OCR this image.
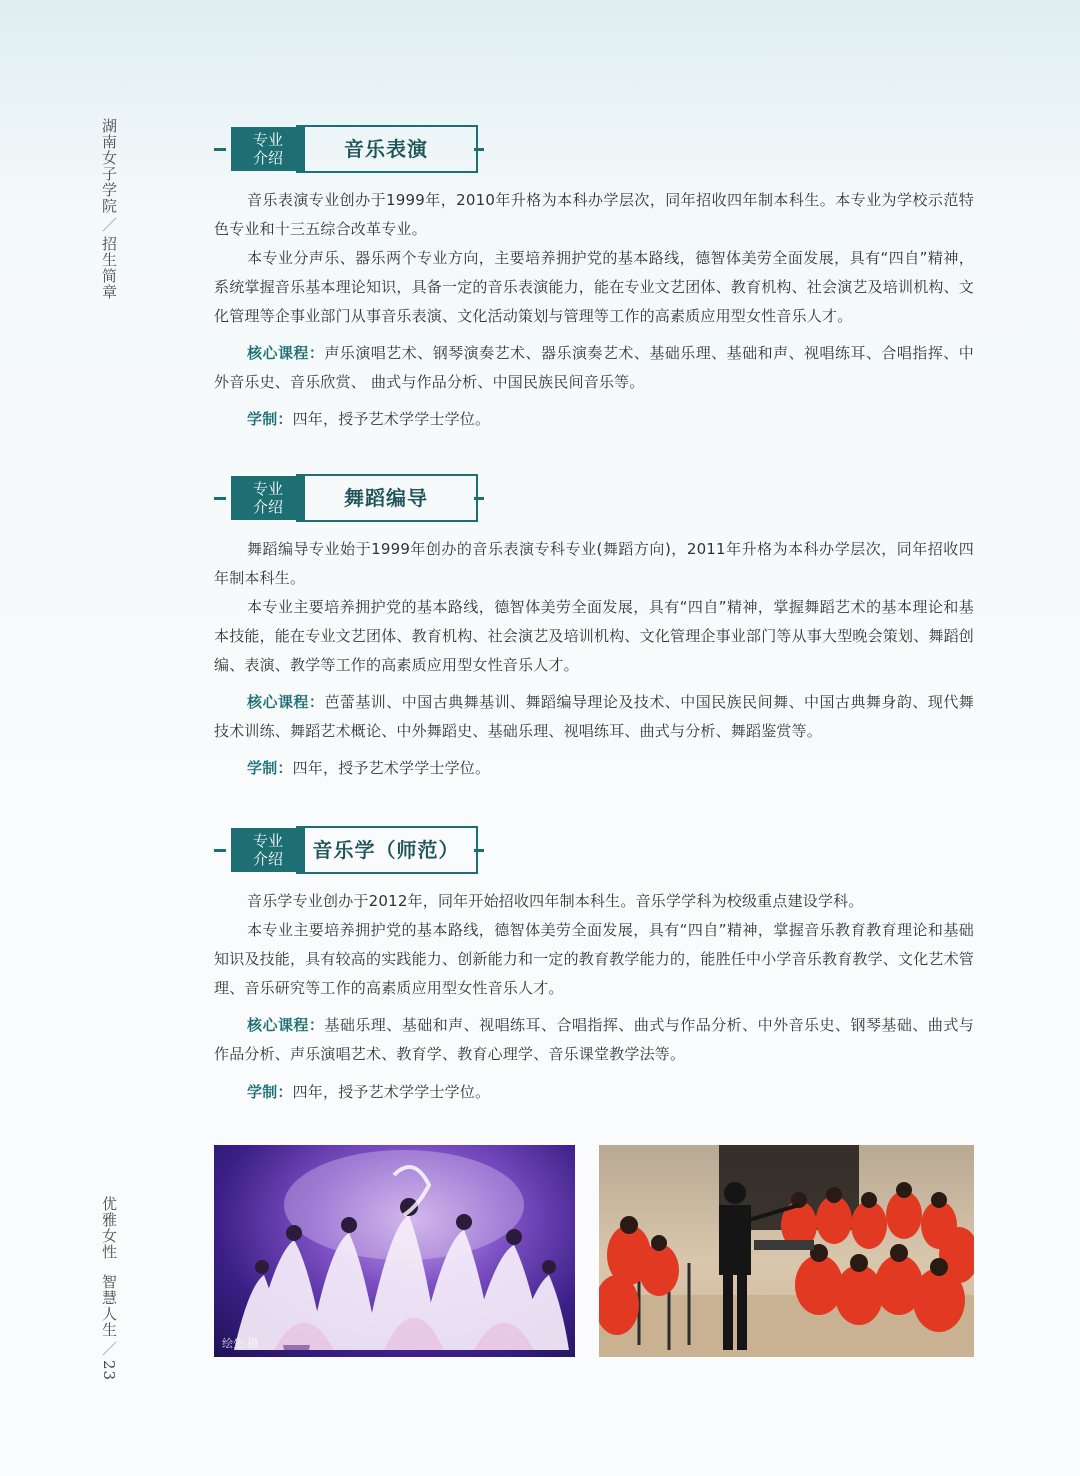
湖南女子学院／招生简章
优雅女性智慧人生／23
专业
介绍	音乐表演

音乐表演专业创办于1999年，2010年升格为本科办学层次，同年招收四年制本科生。本专业为学校示范特色专业和十三五综合改革专业。

本专业分声乐、器乐两个专业方向，主要培养拥护党的基本路线，德智体美劳全面发展，具有“四自”精神，系统掌握音乐基本理论知识，具备一定的音乐表演能力，能在专业文艺团体、教育机构、社会演艺及培训机构、文化管理等企事业部门从事音乐表演、文化活动策划与管理等工作的高素质应用型女性音乐人才。

核心课程：声乐演唱艺术、钢琴演奏艺术、器乐演奏艺术、基础乐理、基础和声、视唱练耳、合唱指挥、中外音乐史、音乐欣赏、 曲式与作品分析、中国民族民间音乐等。

学制：四年，授予艺术学学士学位。

专业
介绍	舞蹈编导

舞蹈编导专业始于1999年创办的音乐表演专科专业(舞蹈方向)，2011年升格为本科办学层次，同年招收四年制本科生。

本专业主要培养拥护党的基本路线，德智体美劳全面发展，具有“四自”精神，掌握舞蹈艺术的基本理论和基本技能，能在专业文艺团体、教育机构、社会演艺及培训机构、文化管理企事业部门等从事大型晚会策划、舞蹈创编、表演、教学等工作的高素质应用型女性音乐人才。

核心课程：芭蕾基训、中国古典舞基训、舞蹈编导理论及技术、中国民族民间舞、中国古典舞身韵、现代舞技术训练、舞蹈艺术概论、中外舞蹈史、基础乐理、视唱练耳、曲式与分析、舞蹈鉴赏等。

学制：四年，授予艺术学学士学位。

专业
介绍	音乐学（师范）

音乐学专业创办于2012年，同年开始招收四年制本科生。音乐学学科为校级重点建设学科。

本专业主要培养拥护党的基本路线，德智体美劳全面发展，具有“四自”精神，掌握音乐教育教育理论和基础知识及技能，具有较高的实践能力、创新能力和一定的教育教学能力的，能胜任中小学音乐教育教学、文化艺术管理、音乐研究等工作的高素质应用型女性音乐人才。

核心课程：基础乐理、基础和声、视唱练耳、合唱指挥、曲式与作品分析、中外音乐史、钢琴基础、曲式与作品分析、声乐演唱艺术、教育学、教育心理学、音乐课堂教学法等。

学制：四年，授予艺术学学士学位。

绘生 摄
